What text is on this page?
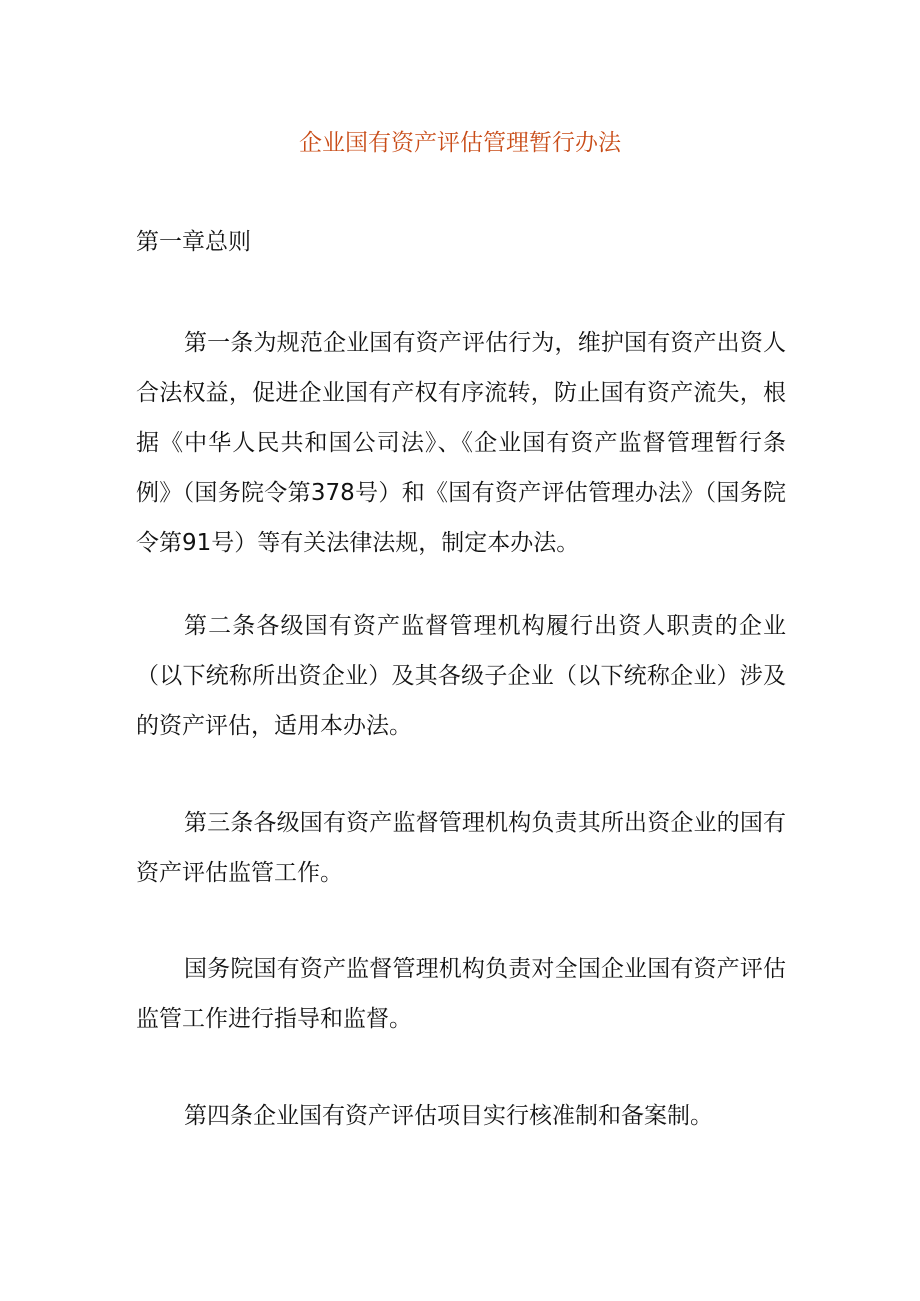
企业国有资产评估管理暂行办法
第一章总则

第一条为规范企业国有资产评估行为，维护国有资产出资人合法权益，促进企业国有产权有序流转，防止国有资产流失，根据《中华人民共和国公司法》、《企业国有资产监督管理暂行条例》（国务院令第378号）和《国有资产评估管理办法》（国务院令第91号）等有关法律法规，制定本办法。

第二条各级国有资产监督管理机构履行出资人职责的企业（以下统称所出资企业）及其各级子企业（以下统称企业）涉及的资产评估，适用本办法。

第三条各级国有资产监督管理机构负责其所出资企业的国有资产评估监管工作。

国务院国有资产监督管理机构负责对全国企业国有资产评估监管工作进行指导和监督。

第四条企业国有资产评估项目实行核准制和备案制。
